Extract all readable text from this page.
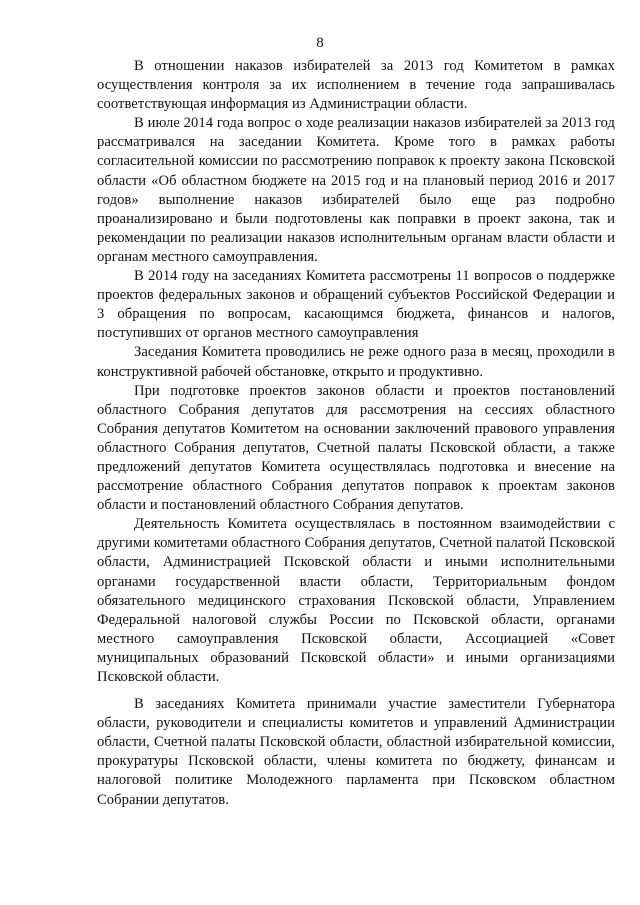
8

В отношении наказов избирателей за 2013 год Комитетом в рамках осуществления контроля за их исполнением в течение года запрашивалась соответствующая информация из Администрации области.

В июле 2014 года вопрос о ходе реализации наказов избирателей за 2013 год рассматривался на заседании Комитета. Кроме того в рамках работы согласительной комиссии по рассмотрению поправок к проекту закона Псковской области «Об областном бюджете на 2015 год и на плановый период 2016 и 2017 годов» выполнение наказов избирателей было еще раз подробно проанализировано и были подготовлены как поправки в проект закона, так и рекомендации по реализации наказов исполнительным органам власти области и органам местного самоуправления.

В 2014 году на заседаниях Комитета рассмотрены 11 вопросов о поддержке проектов федеральных законов и обращений субъектов Российской Федерации и 3 обращения по вопросам, касающимся бюджета, финансов и налогов, поступивших от органов местного самоуправления

Заседания Комитета проводились не реже одного раза в месяц, проходили в конструктивной рабочей обстановке, открыто и продуктивно.

При подготовке проектов законов области и проектов постановлений областного Собрания депутатов для рассмотрения на сессиях областного Собрания депутатов Комитетом на основании заключений правового управления областного Собрания депутатов, Счетной палаты Псковской области, а также предложений депутатов Комитета осуществлялась подготовка и внесение на рассмотрение областного Собрания депутатов поправок к проектам законов области и постановлений областного Собрания депутатов.

Деятельность Комитета осуществлялась в постоянном взаимодействии с другими комитетами областного Собрания депутатов, Счетной палатой Псковской области, Администрацией Псковской области и иными исполнительными органами государственной власти области, Территориальным фондом обязательного медицинского страхования Псковской области, Управлением Федеральной налоговой службы России по Псковской области, органами местного самоуправления Псковской области, Ассоциацией «Совет муниципальных образований Псковской области» и иными организациями Псковской области.

В заседаниях Комитета принимали участие заместители Губернатора области, руководители и специалисты комитетов и управлений Администрации области, Счетной палаты Псковской области, областной избирательной комиссии, прокуратуры Псковской области, члены комитета по бюджету, финансам и налоговой политике Молодежного парламента при Псковском областном Собрании депутатов.
